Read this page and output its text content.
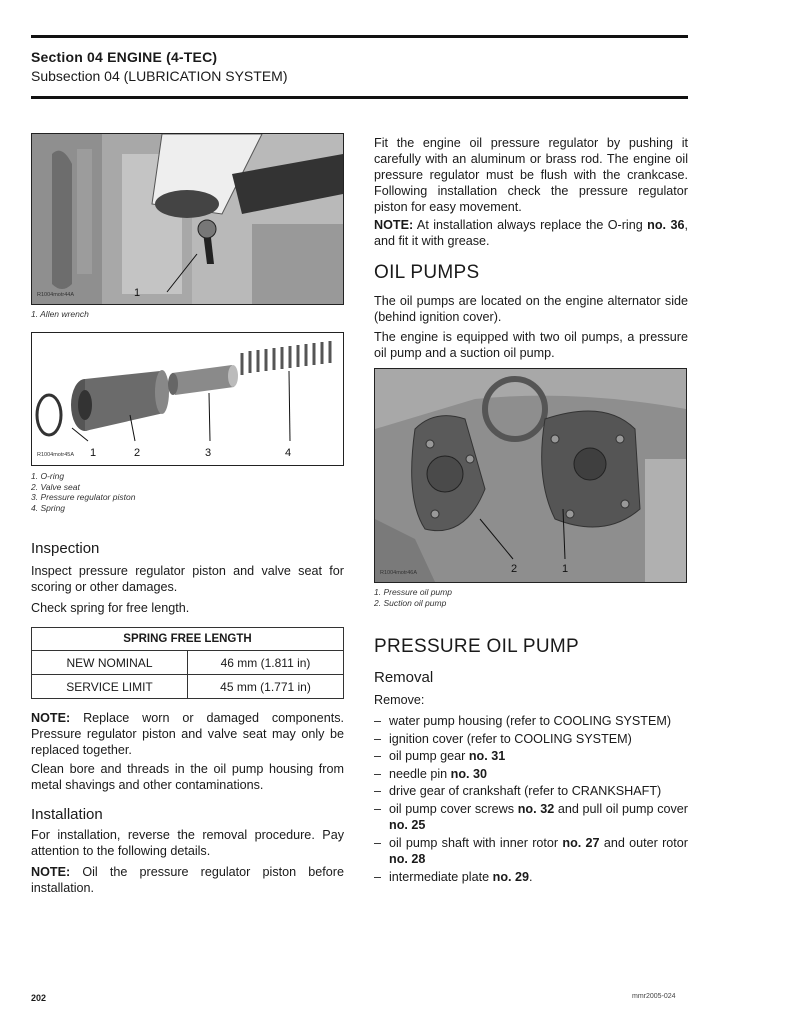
Section 04 ENGINE (4-TEC)
Subsection 04 (LUBRICATION SYSTEM)
R1004motr44A	1
1. Allen wrench
R1004motr45A 1	2	3	4
1. O-ring
2. Valve seat
3. Pressure regulator piston
4. Spring
Inspection
Inspect pressure regulator piston and valve seat for scoring or other damages.
Check spring for free length.
SPRING FREE LENGTH	
NEW NOMINAL	46 mm (1.811 in)
SERVICE LIMIT	45 mm (1.771 in)
NOTE: Replace worn or damaged components. Pressure regulator piston and valve seat may only be replaced together.
Clean bore and threads in the oil pump housing from metal shavings and other contaminations.
Installation
For installation, reverse the removal procedure. Pay attention to the following details.
NOTE: Oil the pressure regulator piston before installation.
Fit the engine oil pressure regulator by pushing it carefully with an aluminum or brass rod. The engine oil pressure regulator must be flush with the crankcase. Following installation check the pressure regulator piston for easy movement.
NOTE: At installation always replace the O-ring no. 36, and fit it with grease.
OIL PUMPS
The oil pumps are located on the engine alternator side (behind ignition cover).
The engine is equipped with two oil pumps, a pressure oil pump and a suction oil pump.
R1004motr46A	2	1
1. Pressure oil pump
2. Suction oil pump
PRESSURE OIL PUMP
Removal
Remove:
– water pump housing (refer to COOLING SYSTEM)
– ignition cover (refer to COOLING SYSTEM)
– oil pump gear no. 31
– needle pin no. 30
– drive gear of crankshaft (refer to CRANKSHAFT)
– oil pump cover screws no. 32 and pull oil pump cover no. 25
– oil pump shaft with inner rotor no. 27 and outer rotor no. 28
– intermediate plate no. 29.
202	mmr2005-024
